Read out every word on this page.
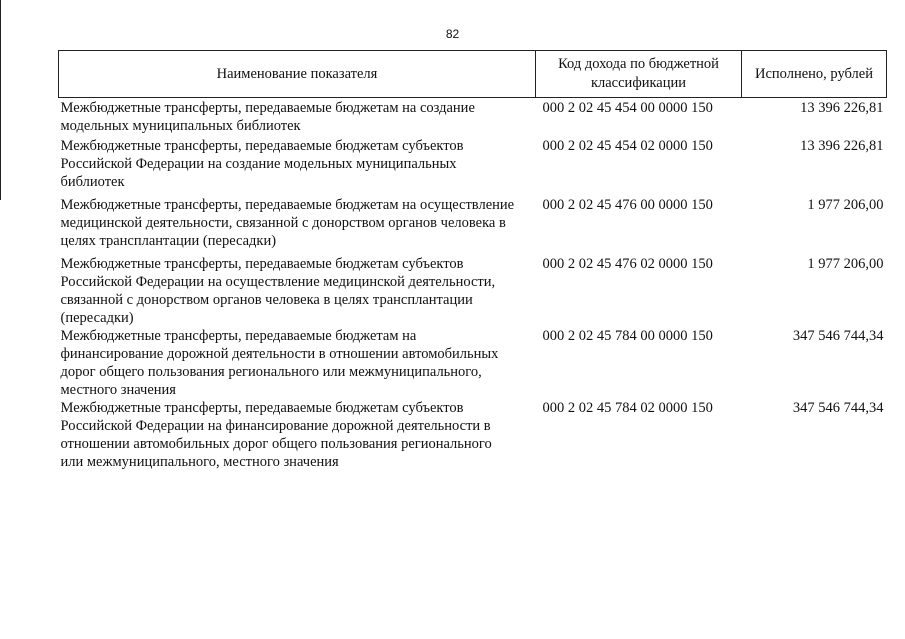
82
Наименование показателя	Код дохода по бюджетной классификации	Исполнено, рублей
Межбюджетные трансферты, передаваемые бюджетам на создание модельных муниципальных библиотек	000 2 02 45 454 00 0000 150	13 396 226,81
Межбюджетные трансферты, передаваемые бюджетам субъектов Российской Федерации на создание модельных муниципальных библиотек	000 2 02 45 454 02 0000 150	13 396 226,81
Межбюджетные трансферты, передаваемые бюджетам на осуществление медицинской деятельности, связанной с донорством органов человека в целях трансплантации (пересадки)	000 2 02 45 476 00 0000 150	1 977 206,00
Межбюджетные трансферты, передаваемые бюджетам субъектов Российской Федерации на осуществление медицинской деятельности, связанной с донорством органов человека в целях трансплантации (пересадки)	000 2 02 45 476 02 0000 150	1 977 206,00
Межбюджетные трансферты, передаваемые бюджетам на финансирование дорожной деятельности в отношении автомобильных дорог общего пользования регионального или межмуниципального, местного значения	000 2 02 45 784 00 0000 150	347 546 744,34
Межбюджетные трансферты, передаваемые бюджетам субъектов Российской Федерации на финансирование дорожной деятельности в отношении автомобильных дорог общего пользования регионального или межмуниципального, местного значения	000 2 02 45 784 02 0000 150	347 546 744,34
